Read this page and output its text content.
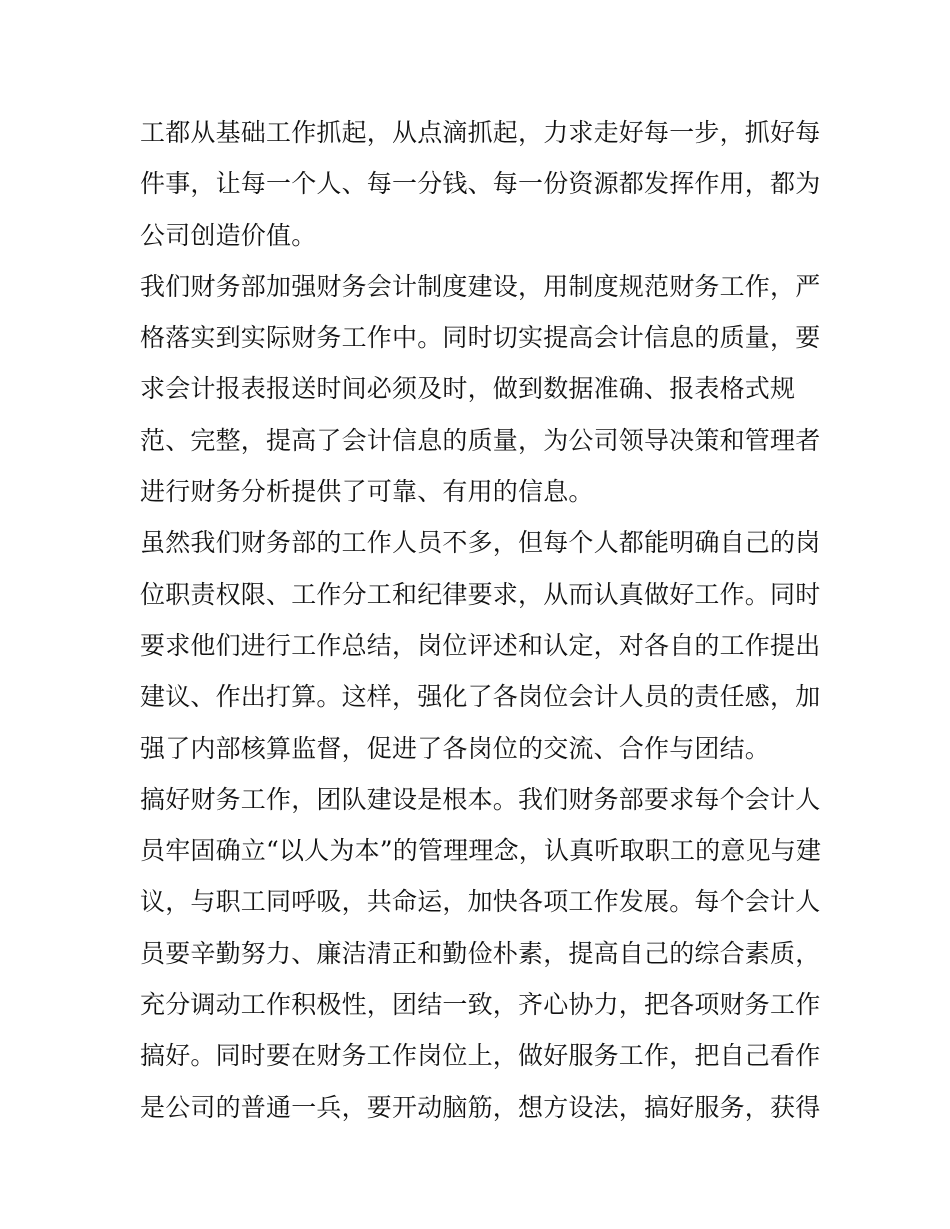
工都从基础工作抓起，从点滴抓起，力求走好每一步，抓好每
件事，让每一个人、每一分钱、每一份资源都发挥作用，都为
公司创造价值。
我们财务部加强财务会计制度建设，用制度规范财务工作，严
格落实到实际财务工作中。同时切实提高会计信息的质量，要
求会计报表报送时间必须及时，做到数据准确、报表格式规
范、完整，提高了会计信息的质量，为公司领导决策和管理者
进行财务分析提供了可靠、有用的信息。
虽然我们财务部的工作人员不多，但每个人都能明确自己的岗
位职责权限、工作分工和纪律要求，从而认真做好工作。同时
要求他们进行工作总结，岗位评述和认定，对各自的工作提出
建议、作出打算。这样，强化了各岗位会计人员的责任感，加
强了内部核算监督，促进了各岗位的交流、合作与团结。
搞好财务工作，团队建设是根本。我们财务部要求每个会计人
员牢固确立“以人为本”的管理理念，认真听取职工的意见与建
议，与职工同呼吸，共命运，加快各项工作发展。每个会计人
员要辛勤努力、廉洁清正和勤俭朴素，提高自己的综合素质，
充分调动工作积极性，团结一致，齐心协力，把各项财务工作
搞好。同时要在财务工作岗位上，做好服务工作，把自己看作
是公司的普通一兵，要开动脑筋，想方设法，搞好服务，获得
